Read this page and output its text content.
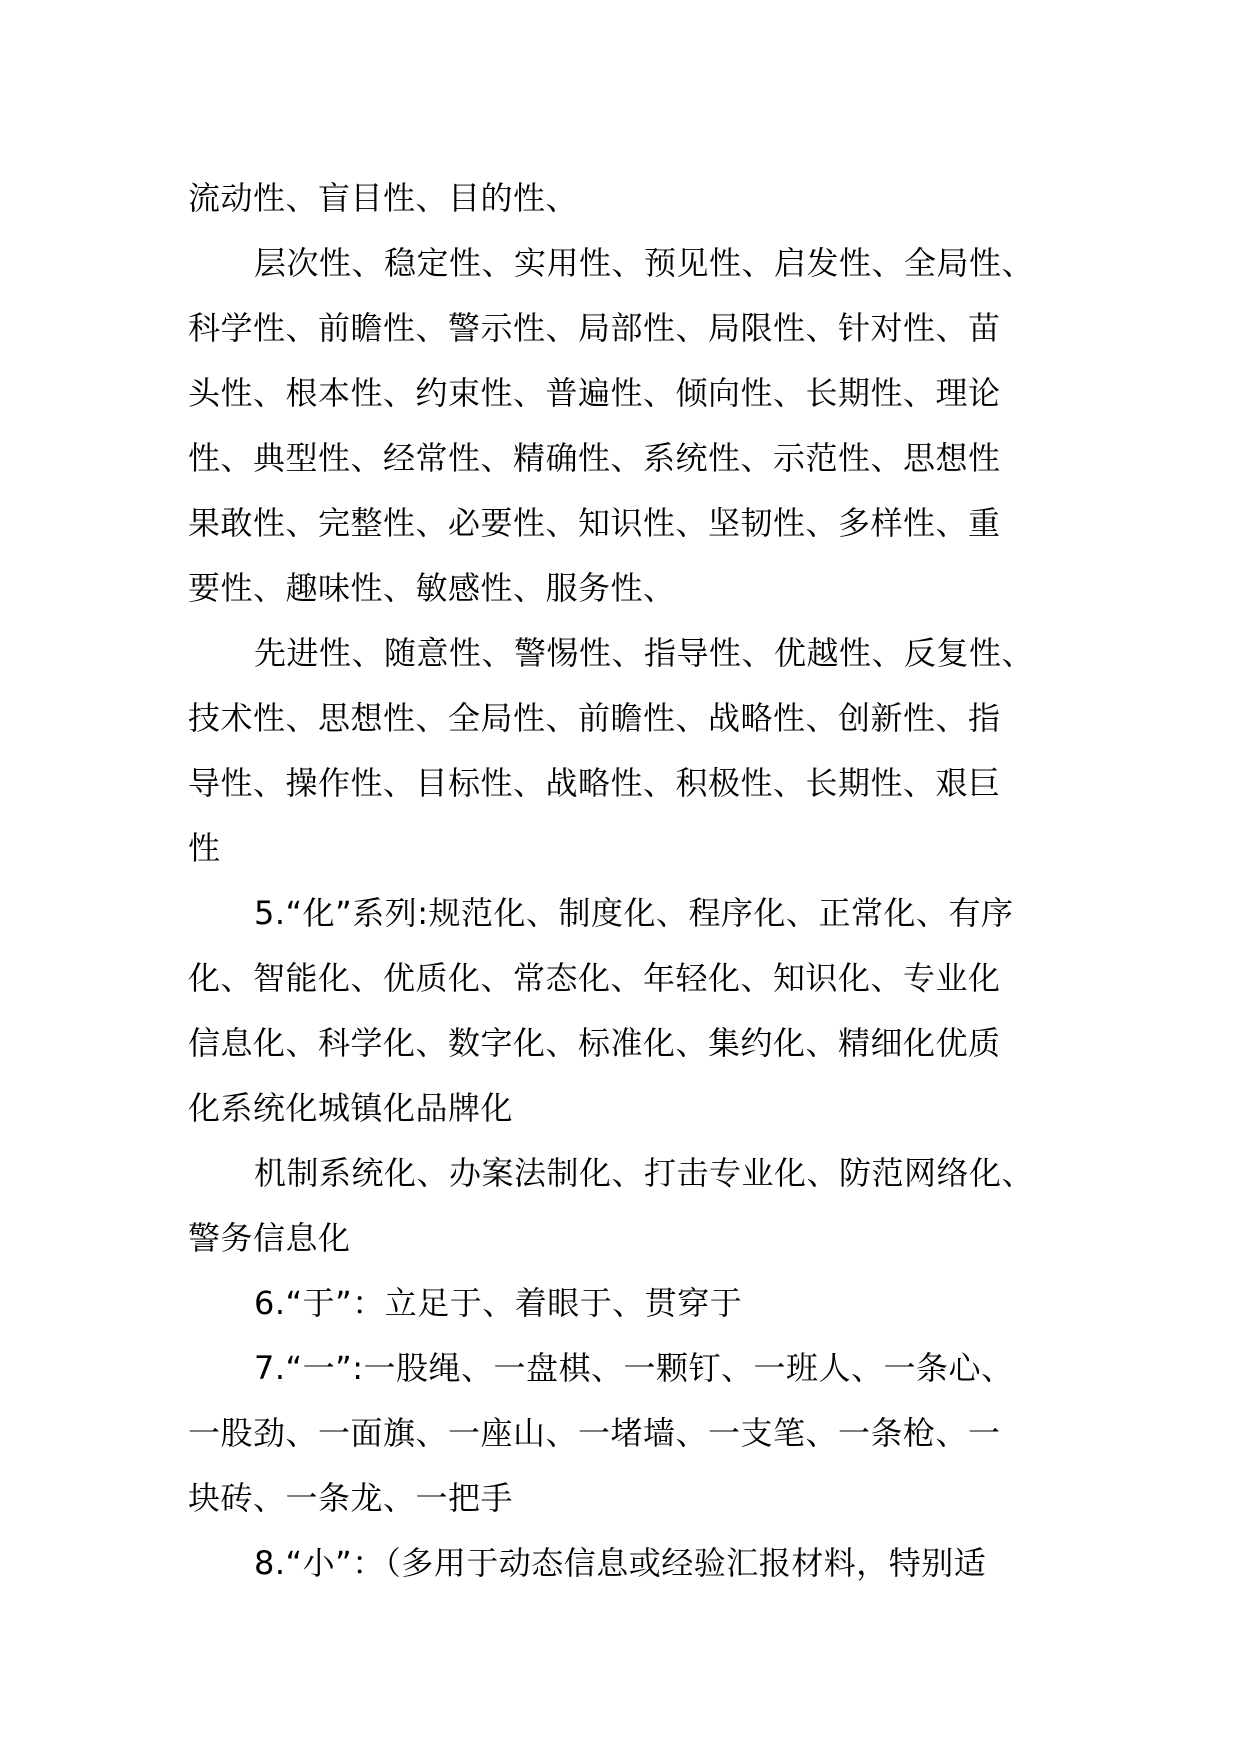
流动性、盲目性、目的性、
层次性、稳定性、实用性、预见性、启发性、全局性、
科学性、前瞻性、警示性、局部性、局限性、针对性、苗
头性、根本性、约束性、普遍性、倾向性、长期性、理论
性、典型性、经常性、精确性、系统性、示范性、思想性
果敢性、完整性、必要性、知识性、坚韧性、多样性、重
要性、趣味性、敏感性、服务性、
先进性、随意性、警惕性、指导性、优越性、反复性、
技术性、思想性、全局性、前瞻性、战略性、创新性、指
导性、操作性、目标性、战略性、积极性、长期性、艰巨
性
5.“化”系列:规范化、制度化、程序化、正常化、有序
化、智能化、优质化、常态化、年轻化、知识化、专业化
信息化、科学化、数字化、标准化、集约化、精细化优质
化系统化城镇化品牌化
机制系统化、办案法制化、打击专业化、防范网络化、
警务信息化
6.“于”：立足于、着眼于、贯穿于
7.“一”:一股绳、一盘棋、一颗钉、一班人、一条心、
一股劲、一面旗、一座山、一堵墙、一支笔、一条枪、一
块砖、一条龙、一把手
8.“小”：（多用于动态信息或经验汇报材料，特别适
